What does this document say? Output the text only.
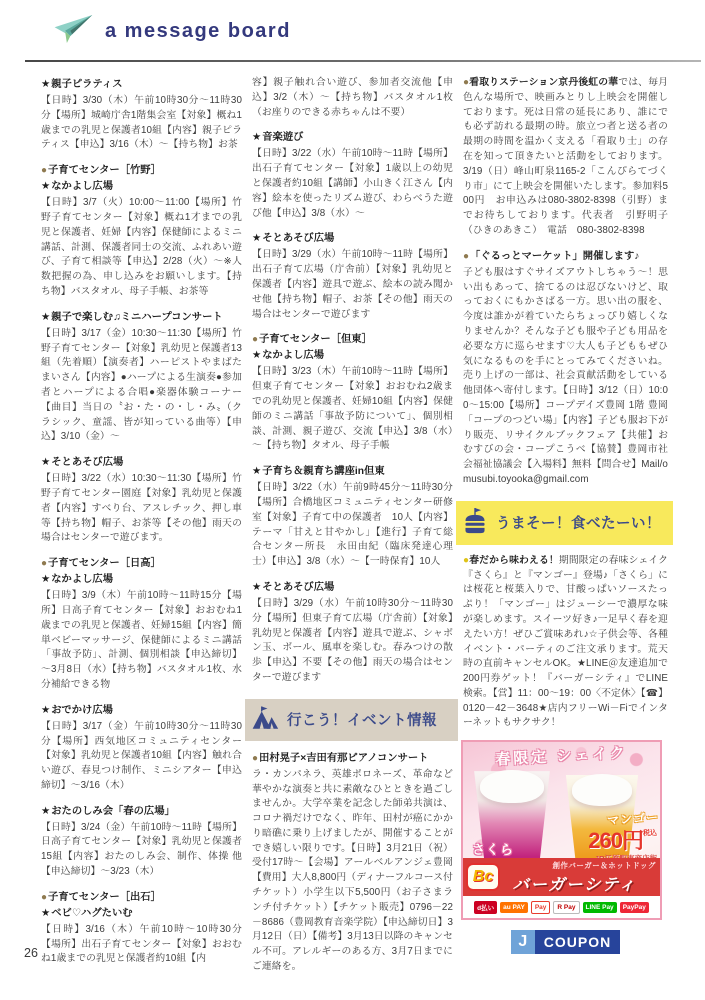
a message board
★親子ピラティス

【日時】3/30（木）午前10時30分～11時30分【場所】城崎庁舎1階集会室【対象】概ね1歳までの乳児と保護者10組【内容】親子ピラティス【申込】3/16（木）～【持ち物】お茶

●子育てセンター［竹野］
★なかよし広場

【日時】3/7（火）10:00～11:00【場所】竹野子育てセンター【対象】概ね1才までの乳児と保護者、妊婦【内容】保健師によるミニ講話、計測、保護者同士の交流、ふれあい遊び、子育て相談等【申込】2/28（火）～※人数把握の為、申し込みをお願いします。【持ち物】バスタオル、母子手帳、お茶等

★親子で楽しむ♫ミニハープコンサート

【日時】3/17（金）10:30～11:30【場所】竹野子育てセンター【対象】乳幼児と保護者13組（先着順）【演奏者】ハーピストやまばた　まいさん【内容】●ハープによる生演奏●参加者とハープによる合唱●楽器体験コーナー【曲目】当日の〝お・た・の・し・み〟（クラシック、童謡、皆が知っている曲等）【申込】3/10（金）～

★そとあそび広場

【日時】3/22（水）10:30～11:30【場所】竹野子育てセンター園庭【対象】乳幼児と保護者【内容】すべり台、アスレチック、押し車等【持ち物】帽子、お茶等【その他】雨天の場合はセンターで遊びます。

●子育てセンター［日高］
★なかよし広場

【日時】3/9（木）午前10時～11時15分【場所】日高子育てセンター【対象】おおむね1歳までの乳児と保護者、妊婦15組【内容】簡単ベビーマッサージ、保健師によるミニ講話「事故予防」、計測、個別相談【申込締切】～3月8日（水）【持ち物】バスタオル1枚、水分補給できる物

★おでかけ広場

【日時】3/17（金）午前10時30分～11時30分【場所】西気地区コミュニティセンター【対象】乳幼児と保護者10組【内容】触れ合い遊び、春見つけ制作、ミニシアター【申込締切】～3/16（木）

★おたのしみ会「春の広場」

【日時】3/24（金）午前10時～11時【場所】日高子育てセンター【対象】乳幼児と保護者15組【内容】おたのしみ会、制作、体操 他【申込締切】～3/23（木）

●子育てセンター［出石］
★ベビ♡ハグたいむ

【日時】3/16（木）午前10時～10時30分【場所】出石子育てセンター【対象】おおむね1歳までの乳児と保護者約10組【内

容】親子触れ合い遊び、参加者交流他【申込】3/2（木）～【持ち物】バスタオル1枚（お座りのできる赤ちゃんは不要）

★音楽遊び

【日時】3/22（水）午前10時～11時【場所】出石子育てセンター【対象】1歳以上の幼児と保護者約10組【講師】小山きく江さん【内容】絵本を使ったリズム遊び、わらべうた遊び他【申込】3/8（水）～

★そとあそび広場

【日時】3/29（水）午前10時～11時【場所】出石子育て広場（庁舎前）【対象】乳幼児と保護者【内容】遊具で遊ぶ、絵本の読み聞かせ他【持ち物】帽子、お茶【その他】雨天の場合はセンターで遊びます

●子育てセンター［但東］
★なかよし広場

【日時】3/23（木）午前10時～11時【場所】但東子育てセンター【対象】おおむね2歳までの乳幼児と保護者、妊婦10組【内容】保健師のミニ講話「事故予防について」、個別相談、計測、親子遊び、交流【申込】3/8（水）～【持ち物】タオル、母子手帳

★子育ち＆親育ち講座in但東

【日時】3/22（水）午前9時45分～11時30分【場所】合橋地区コミュニティセンター研修室【対象】子育て中の保護者　10人【内容】テーマ「甘えと甘やかし」【進行】子育て総合センター所長　永田由紀（臨床発達心理士）【申込】3/8（水）～【一時保育】10人

★そとあそび広場

【日時】3/29（水）午前10時30分～11時30分【場所】但東子育て広場（庁舎前）【対象】乳幼児と保護者【内容】遊具で遊ぶ、シャボン玉、ボール、風車を楽しむ。春みつけの散歩【申込】不要【その他】雨天の場合はセンターで遊びます

行こう！イベント情報
●田村晃子×吉田有那ピアノコンサート

ラ・カンパネラ、英雄ポロネーズ、革命など華やかな演奏と共に素敵なひとときを過ごしませんか。大学卒業を記念した師弟共演は、コロナ禍だけでなく、昨年、田村が癌にかかり暗礁に乗り上げましたが、開催することができ嬉しい限りです。【日時】3月21日（祝）受付17時～【会場】アールベルアンジェ豊岡【費用】大人8,800円（ディナーフルコース付チケット）小学生以下5,500円（お子さまランチ付チケット）【チケット販売】0796－22－8686（豊岡教育音楽学院）【申込締切日】3月12日（日）【備考】3月13日以降のキャンセル不可。アレルギーのある方、3月7日までにご連絡を。

●看取りステーション京丹後虹の華では、毎月色んな場所で、映画みとりし上映会を開催しております。死は日常の延長にあり、誰にでも必ず訪れる最期の時。旅立つ者と送る者の最期の時間を温かく支える「看取り士」の存在を知って頂きたいと活動をしております。3/19（日）峰山町泉1165-2「こんぴらてづくり市」にて上映会を開催いたします。参加料500円　お申込みは080-3802-8398（引野）までお待ちしております。代表者　引野明子（ひきのあきこ）　電話　080-3802-8398

●「ぐるっとマーケット」開催します♪

子ども服はすぐサイズアウトしちゃう～！思い出もあって、捨てるのは忍びないけど、取っておくにもかさばる一方。思い出の服を、今度は誰かが着ていたらちょっぴり嬉しくなりませんか？そんな子ども服や子ども用品を必要な方に巡らせます♡大人も子どももぜひ気になるものを手にとってみてくださいね。売り上げの一部は、社会貢献活動をしている他団体へ寄付します。【日時】3/12（日）10:00～15:00【場所】コープデイズ豊岡 1階 豊岡「コープのつどい場」【内容】子ども服お下がり販売、リサイクルブックフェア【共催】おむすびの会・コープこうべ【協賛】豊岡市社会福祉協議会【入場料】無料【問合せ】Mail/omusubi.toyooka@gmail.com

うまそー！食べたーい！

●春だから味わえる！期間限定の春味シェイク『さくら』と『マンゴー』登場♪「さくら」には桜花と桜葉入りで、甘酸っぱいソースたっぷり！「マンゴー」はジューシーで濃厚な味が楽しめます。スイーツ好き♪一足早く春を迎えたい方！ぜひご賞味あれ♪☆子供会等、各種イベント・パーティのご注文承ります。荒天時の直前キャンセルOK。★LINE＠友達追加で200円券ゲット！『バーガーシティ』でLINE検索。【営】11：00～19：00〈不定休〉【☎】0120－42－3648★店内フリーWi－Fiでインターネットもサクサク！

春限定 シェイク
さくら
マンゴー
260円$^{税込}$
Bc
創作バーガー＆ホットドッグ
バーガーシティ
d払い	au PAY	Pay	R Pay	LINE Pay	PayPay
J	COUPON
26
